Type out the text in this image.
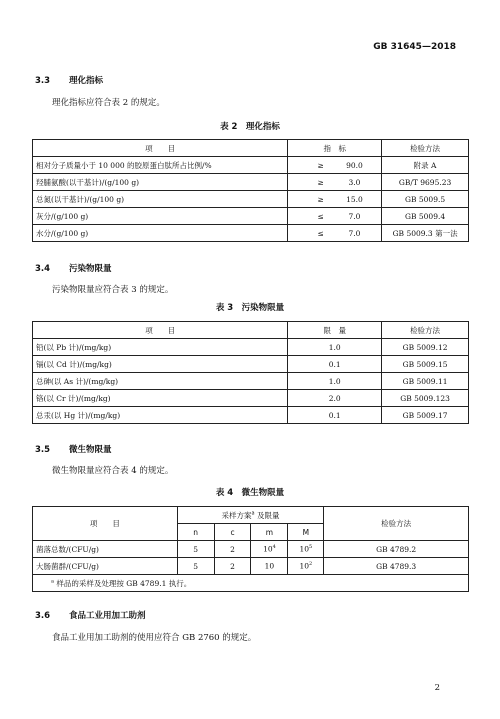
GB 31645—2018
3.3 理化指标
理化指标应符合表 2 的规定。
表 2　理化指标
项　　目	指　标		检验方法
相对分子质量小于 10 000 的胶原蛋白肽所占比例/%	≥	90.0	附录 A
羟脯氨酸(以干基计)/(g/100 g)	≥	3.0	GB/T 9695.23
总氮(以干基计)/(g/100 g)	≥	15.0	GB 5009.5
灰分/(g/100 g)	≤	7.0	GB 5009.4
水分/(g/100 g)	≤	7.0	GB 5009.3 第一法
3.4 污染物限量
污染物限量应符合表 3 的规定。
表 3　污染物限量
项　　目	限　量	检验方法
铅(以 Pb 计)/(mg/kg)	1.0	GB 5009.12
镉(以 Cd 计)/(mg/kg)	0.1	GB 5009.15
总砷(以 As 计)/(mg/kg)	1.0	GB 5009.11
铬(以 Cr 计)/(mg/kg)	2.0	GB 5009.123
总汞(以 Hg 计)/(mg/kg)	0.1	GB 5009.17
3.5 微生物限量
微生物限量应符合表 4 的规定。
表 4　微生物限量
项　　目	采样方案$^a$ 及限量				检验方法
	n	c	m	M	
菌落总数/(CFU/g)	5	2	$10^4$	$10^5$	GB 4789.2
大肠菌群/(CFU/g)	5	2	10	$10^2$	GB 4789.3
$^a$ 样品的采样及处理按 GB 4789.1 执行。					
3.6 食品工业用加工助剂
食品工业用加工助剂的使用应符合 GB 2760 的规定。
2
